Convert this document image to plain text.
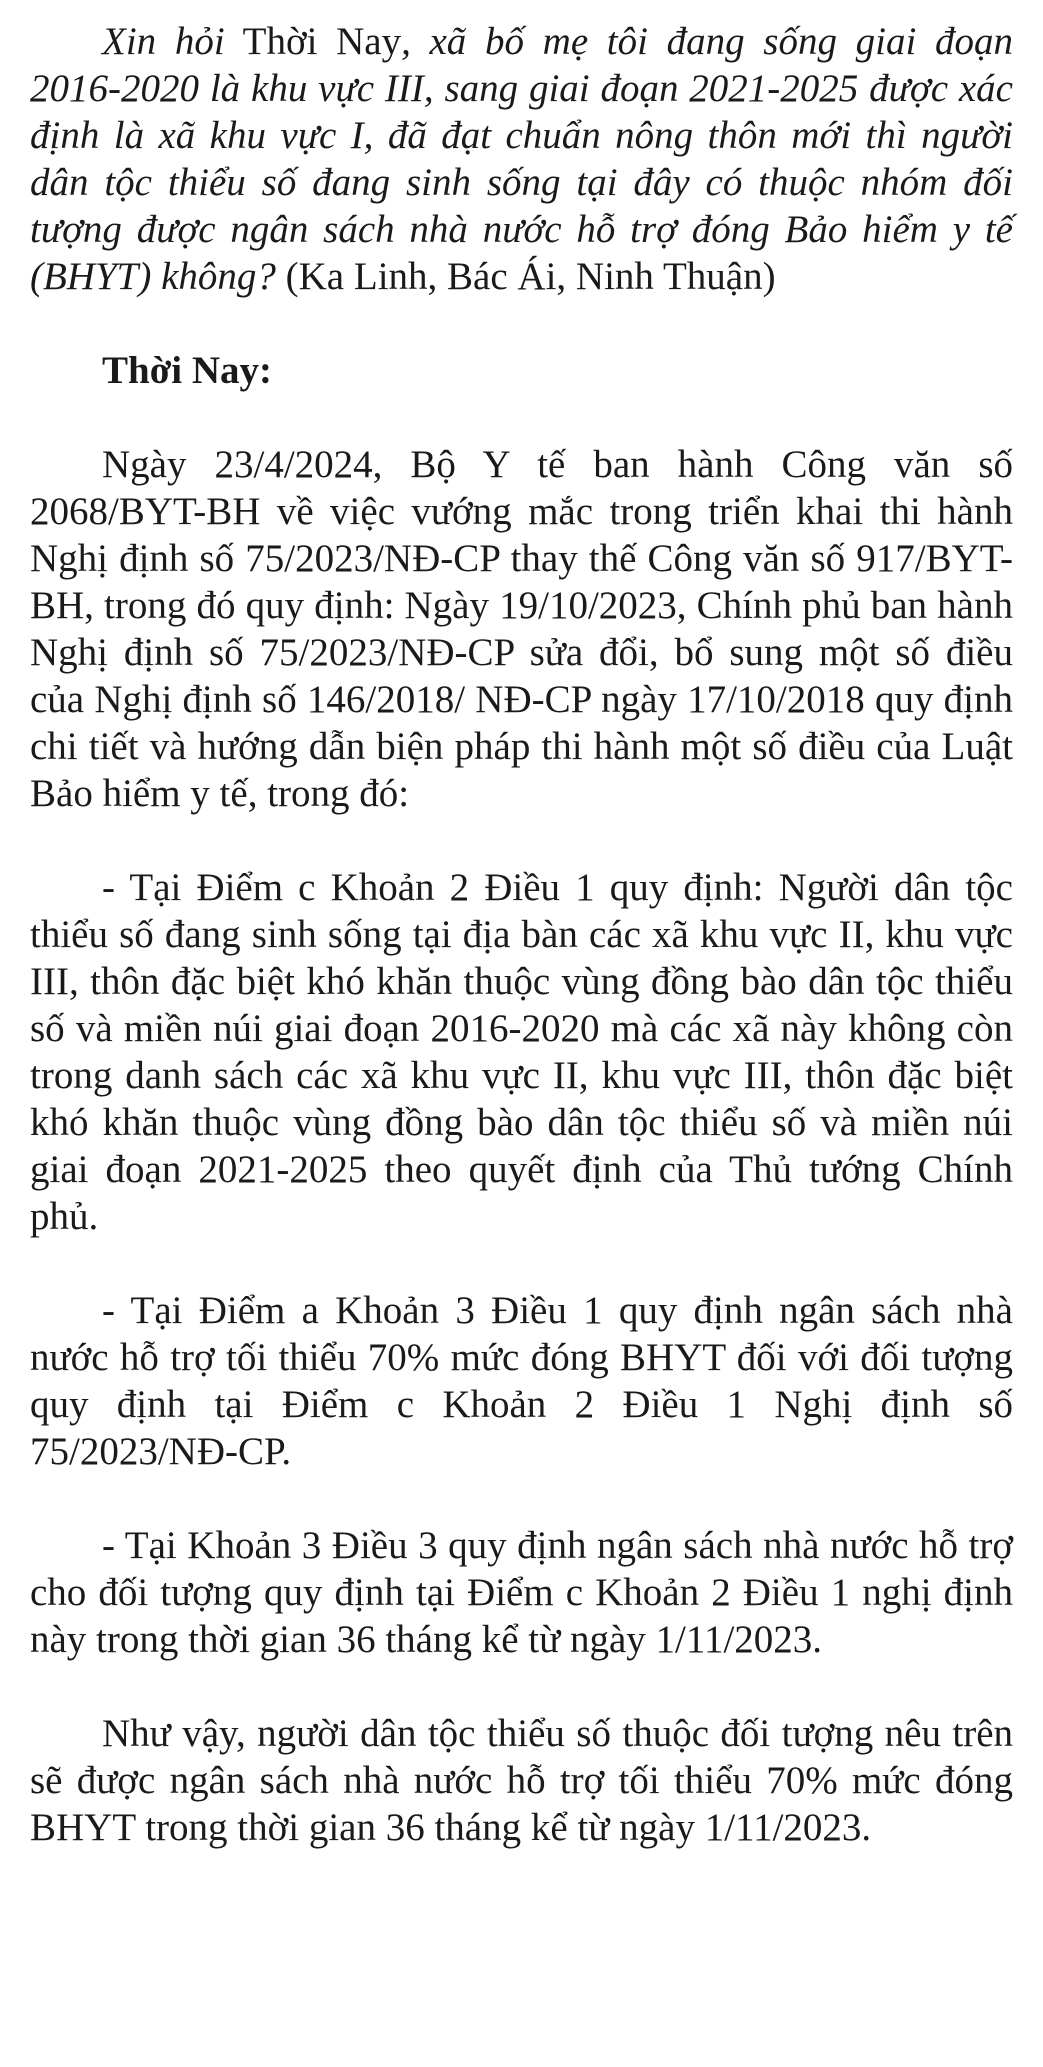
Xin hỏi Thời Nay, xã bố mẹ tôi đang sống giai đoạn 2016-2020 là khu vực III, sang giai đoạn 2021-2025 được xác định là xã khu vực I, đã đạt chuẩn nông thôn mới thì người dân tộc thiểu số đang sinh sống tại đây có thuộc nhóm đối tượng được ngân sách nhà nước hỗ trợ đóng Bảo hiểm y tế (BHYT) không? (Ka Linh, Bác Ái, Ninh Thuận)

Thời Nay:

Ngày 23/4/2024, Bộ Y tế ban hành Công văn số 2068/BYT-BH về việc vướng mắc trong triển khai thi hành Nghị định số 75/2023/NĐ-CP thay thế Công văn số 917/BYT-BH, trong đó quy định: Ngày 19/10/2023, Chính phủ ban hành Nghị định số 75/2023/NĐ-CP sửa đổi, bổ sung một số điều của Nghị định số 146/2018/ NĐ-CP ngày 17/10/2018 quy định chi tiết và hướng dẫn biện pháp thi hành một số điều của Luật Bảo hiểm y tế, trong đó:

- Tại Điểm c Khoản 2 Điều 1 quy định: Người dân tộc thiểu số đang sinh sống tại địa bàn các xã khu vực II, khu vực III, thôn đặc biệt khó khăn thuộc vùng đồng bào dân tộc thiểu số và miền núi giai đoạn 2016-2020 mà các xã này không còn trong danh sách các xã khu vực II, khu vực III, thôn đặc biệt khó khăn thuộc vùng đồng bào dân tộc thiểu số và miền núi giai đoạn 2021-2025 theo quyết định của Thủ tướng Chính phủ.

- Tại Điểm a Khoản 3 Điều 1 quy định ngân sách nhà nước hỗ trợ tối thiểu 70% mức đóng BHYT đối với đối tượng quy định tại Điểm c Khoản 2 Điều 1 Nghị định số 75/2023/NĐ-CP.

- Tại Khoản 3 Điều 3 quy định ngân sách nhà nước hỗ trợ cho đối tượng quy định tại Điểm c Khoản 2 Điều 1 nghị định này trong thời gian 36 tháng kể từ ngày 1/11/2023.

Như vậy, người dân tộc thiểu số thuộc đối tượng nêu trên sẽ được ngân sách nhà nước hỗ trợ tối thiểu 70% mức đóng BHYT trong thời gian 36 tháng kể từ ngày 1/11/2023.
